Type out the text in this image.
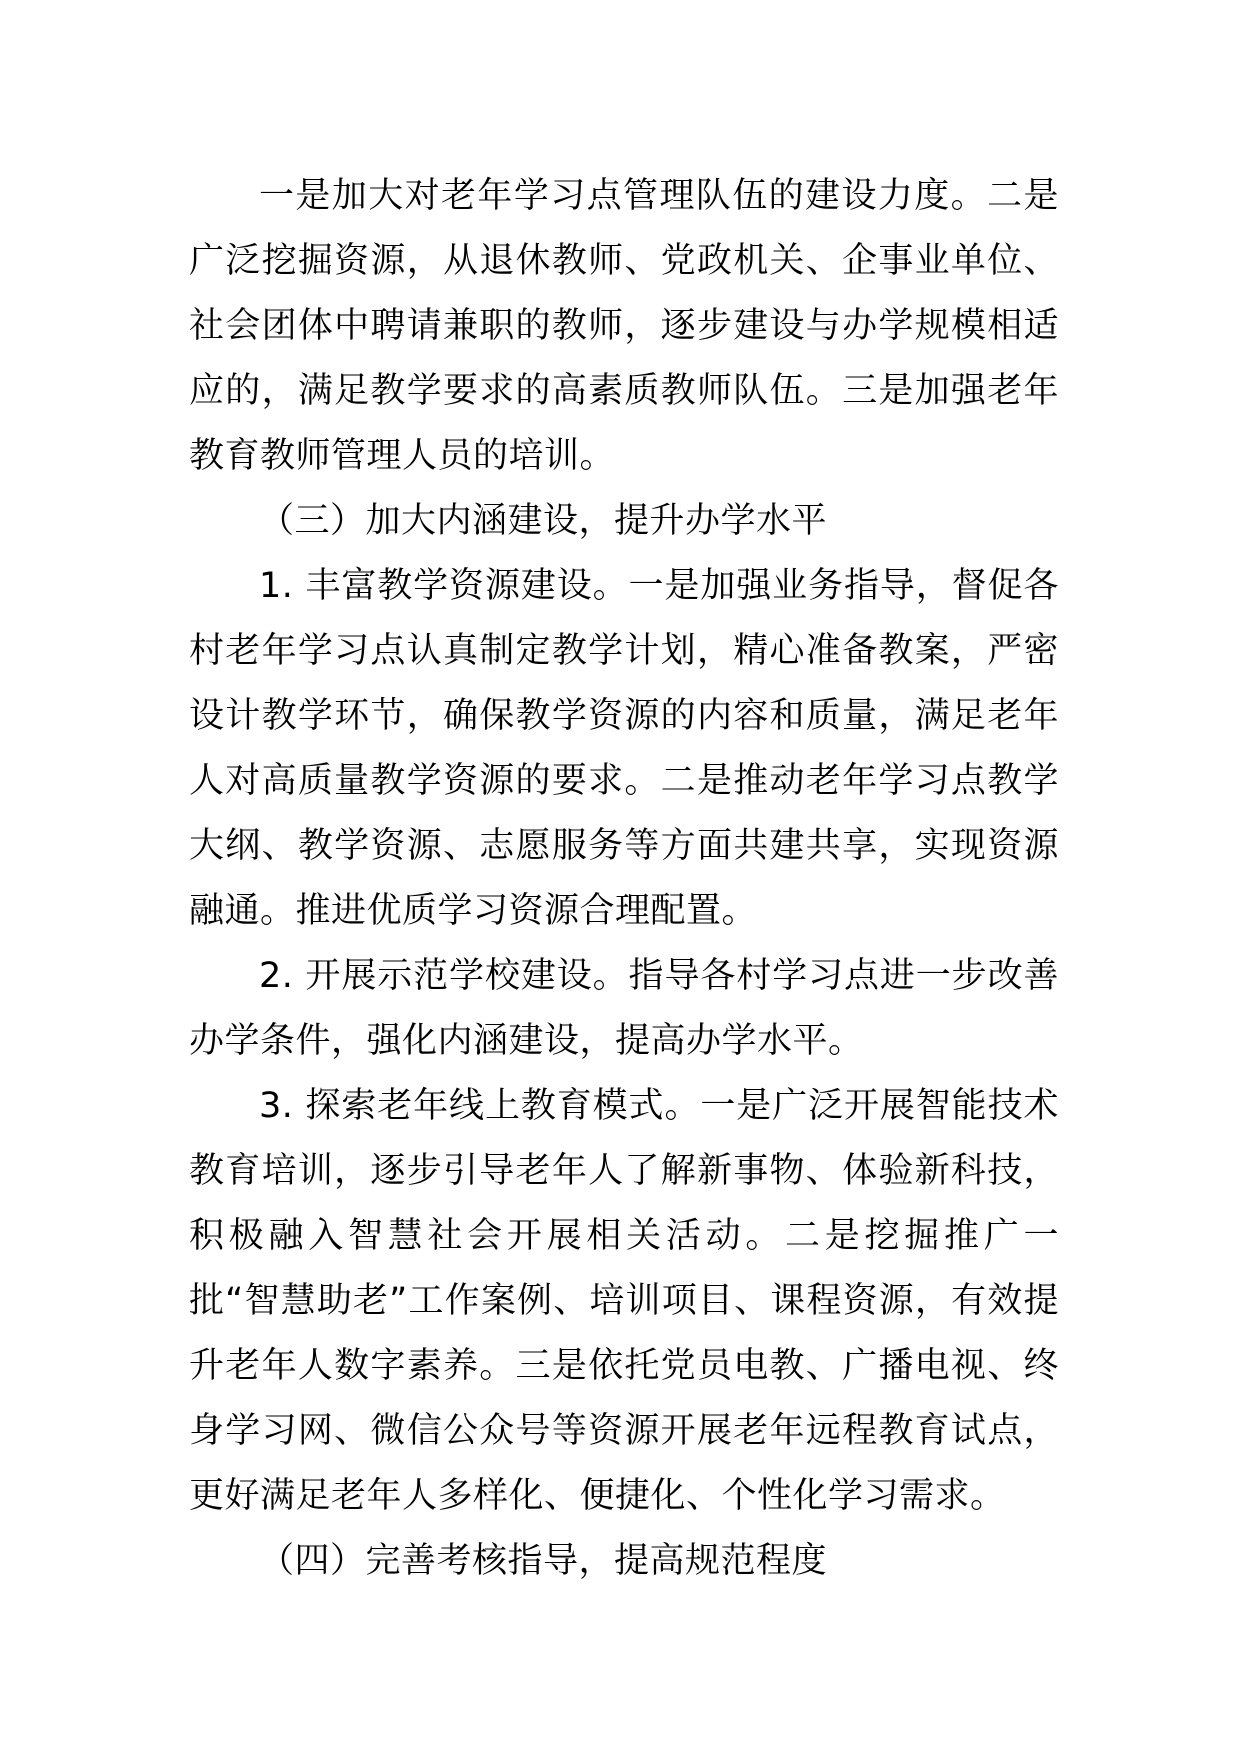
一是加大对老年学习点管理队伍的建设力度。二是广泛挖掘资源，从退休教师、党政机关、企事业单位、社会团体中聘请兼职的教师，逐步建设与办学规模相适应的，满足教学要求的高素质教师队伍。三是加强老年教育教师管理人员的培训。

（三）加大内涵建设，提升办学水平

1. 丰富教学资源建设。一是加强业务指导，督促各村老年学习点认真制定教学计划，精心准备教案，严密设计教学环节，确保教学资源的内容和质量，满足老年人对高质量教学资源的要求。二是推动老年学习点教学大纲、教学资源、志愿服务等方面共建共享，实现资源融通。推进优质学习资源合理配置。

2. 开展示范学校建设。指导各村学习点进一步改善办学条件，强化内涵建设，提高办学水平。

3. 探索老年线上教育模式。一是广泛开展智能技术教育培训，逐步引导老年人了解新事物、体验新科技，积极融入智慧社会开展相关活动。二是挖掘推广一批“智慧助老”工作案例、培训项目、课程资源，有效提升老年人数字素养。三是依托党员电教、广播电视、终身学习网、微信公众号等资源开展老年远程教育试点，更好满足老年人多样化、便捷化、个性化学习需求。

（四）完善考核指导，提高规范程度
